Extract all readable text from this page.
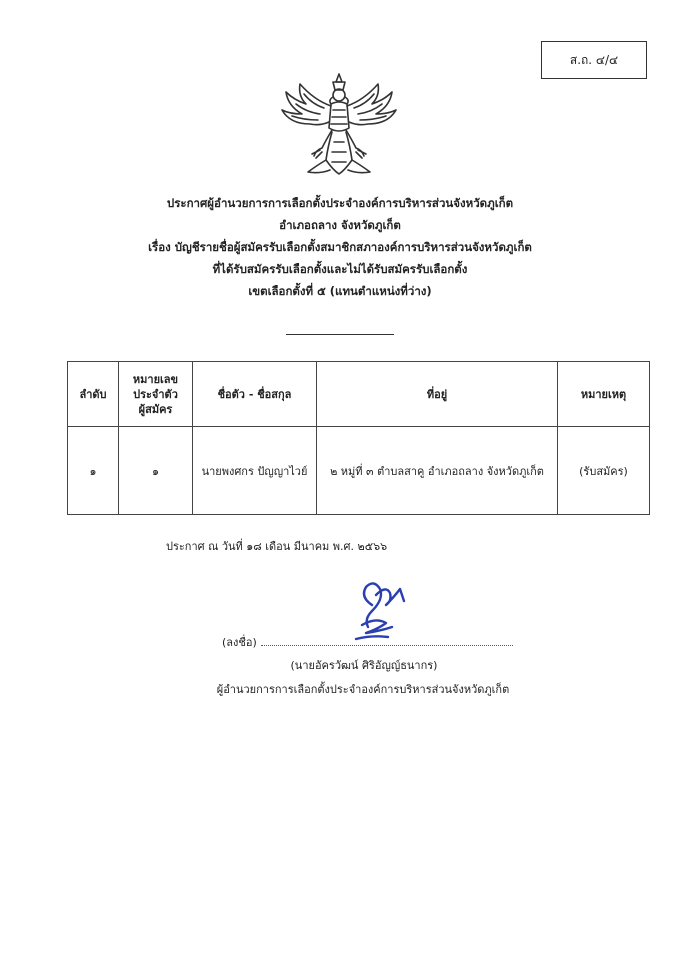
ส.ถ. ๔/๔
ประกาศผู้อำนวยการการเลือกตั้งประจำองค์การบริหารส่วนจังหวัดภูเก็ต
อำเภอถลาง จังหวัดภูเก็ต
เรื่อง บัญชีรายชื่อผู้สมัครรับเลือกตั้งสมาชิกสภาองค์การบริหารส่วนจังหวัดภูเก็ต
ที่ได้รับสมัครรับเลือกตั้งและไม่ได้รับสมัครรับเลือกตั้ง
เขตเลือกตั้งที่ ๕ (แทนตำแหน่งที่ว่าง)
ลำดับ	หมายเลข
ประจำตัว
ผู้สมัคร	ชื่อตัว - ชื่อสกุล	ที่อยู่	หมายเหตุ
๑	๑	นายพงศกร ปัญญาไวย์	๒ หมู่ที่ ๓ ตำบลสาคู อำเภอถลาง จังหวัดภูเก็ต	(รับสมัคร)
ประกาศ ณ วันที่ ๑๘ เดือน มีนาคม พ.ศ. ๒๕๖๖
(ลงชื่อ)
(นายอัครวัฒน์ ศิริอัญญ์ธนากร)
ผู้อำนวยการการเลือกตั้งประจำองค์การบริหารส่วนจังหวัดภูเก็ต
